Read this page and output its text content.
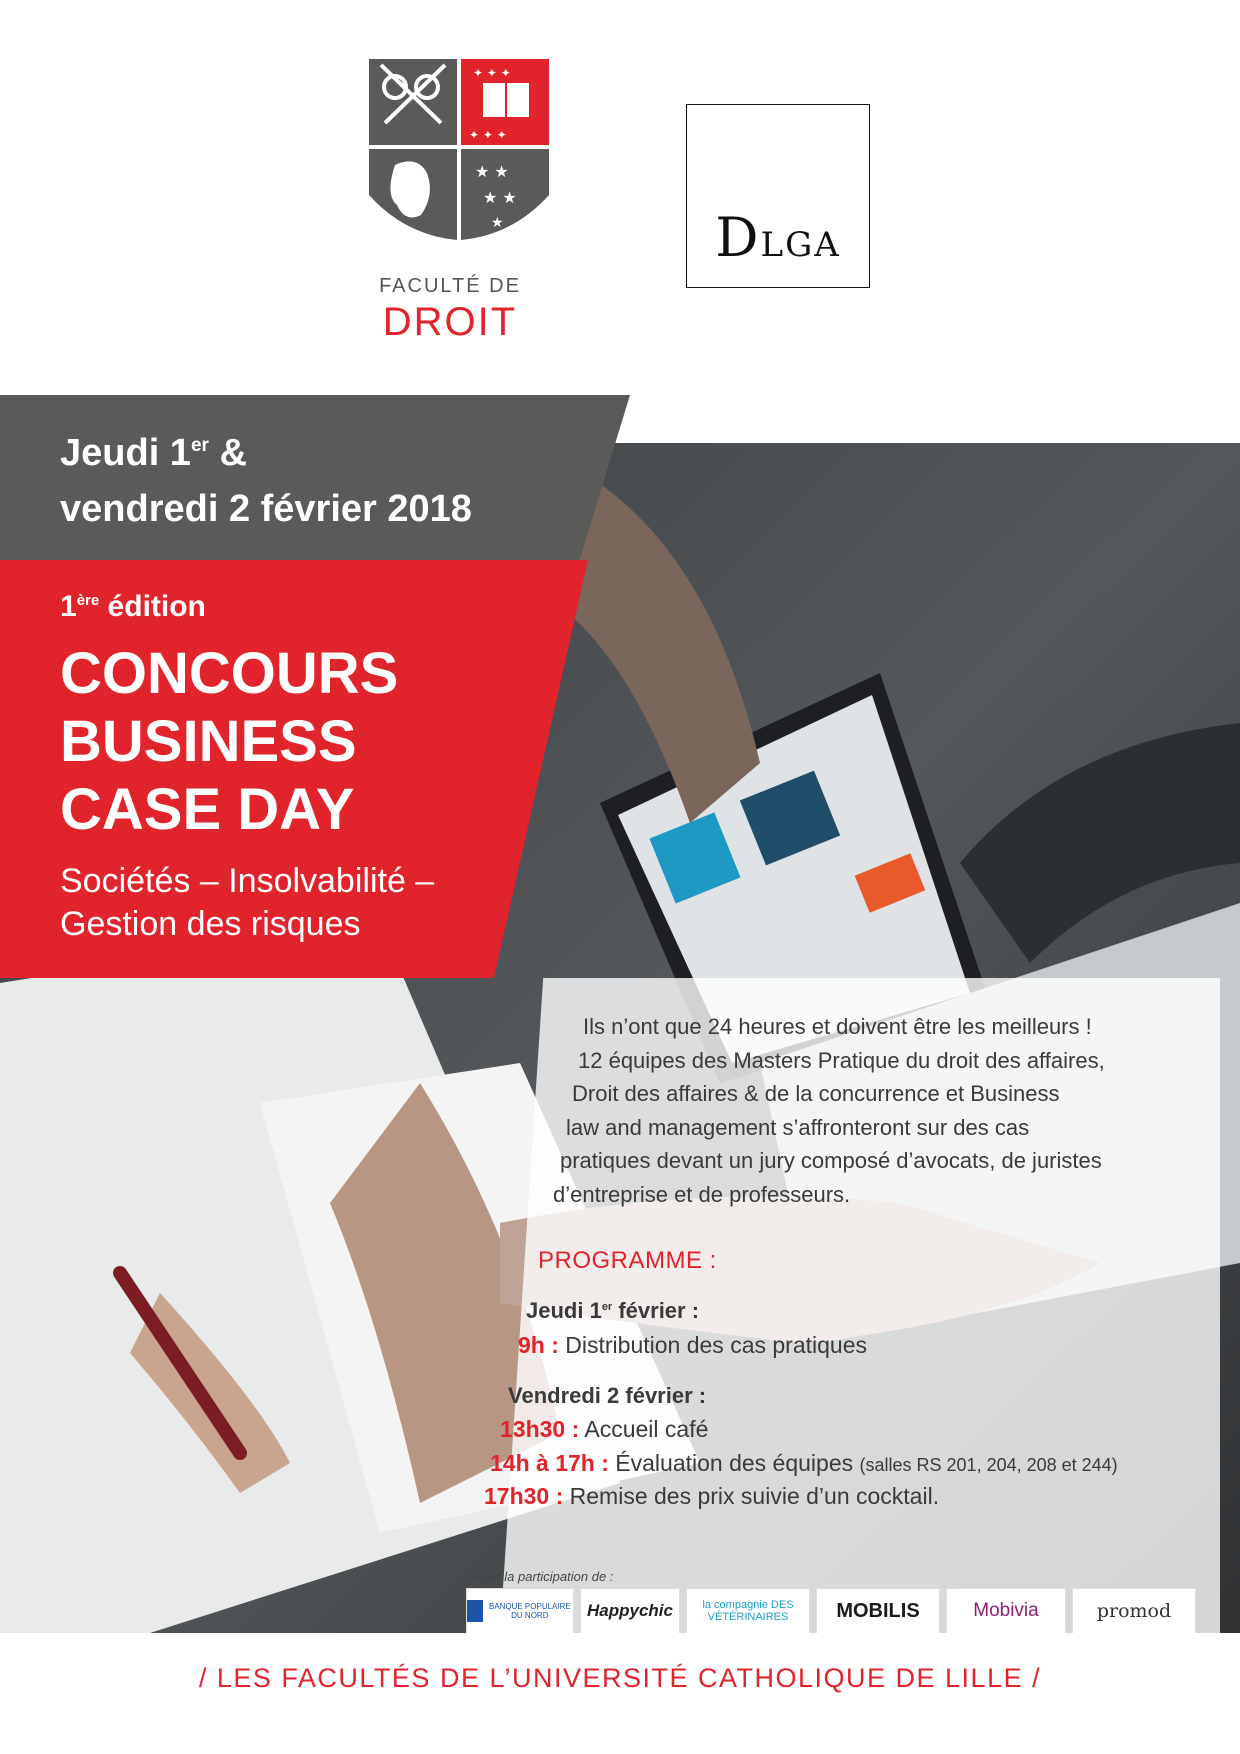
✦ ✦ ✦
✦ ✦ ✦
★ ★
★ ★
★
FACULTÉ DE
DROIT
DLGA
Jeudi 1er &
vendredi 2 février 2018
1ère édition
CONCOURS
BUSINESS
CASE DAY
Sociétés – Insolvabilité –
Gestion des risques
Ils n’ont que 24 heures et doivent être les meilleurs !
12 équipes des Masters Pratique du droit des affaires,
Droit des affaires & de la concurrence et Business
law and management s’affronteront sur des cas
pratiques devant un jury composé d’avocats, de juristes
d’entreprise et de professeurs.
PROGRAMME :
Jeudi 1er février :
9h : Distribution des cas pratiques
Vendredi 2 février :
13h30 : Accueil café
14h à 17h : Évaluation des équipes (salles RS 201, 204, 208 et 244)
17h30 : Remise des prix suivie d’un cocktail.
Avec la participation de :
BANQUE POPULAIRE DU NORD	Happychic	la compagnie DES VÉTÉRINAIRES	MOBILIS	Mobivia	promod
/ LES FACULTÉS DE L’UNIVERSITÉ CATHOLIQUE DE LILLE /
